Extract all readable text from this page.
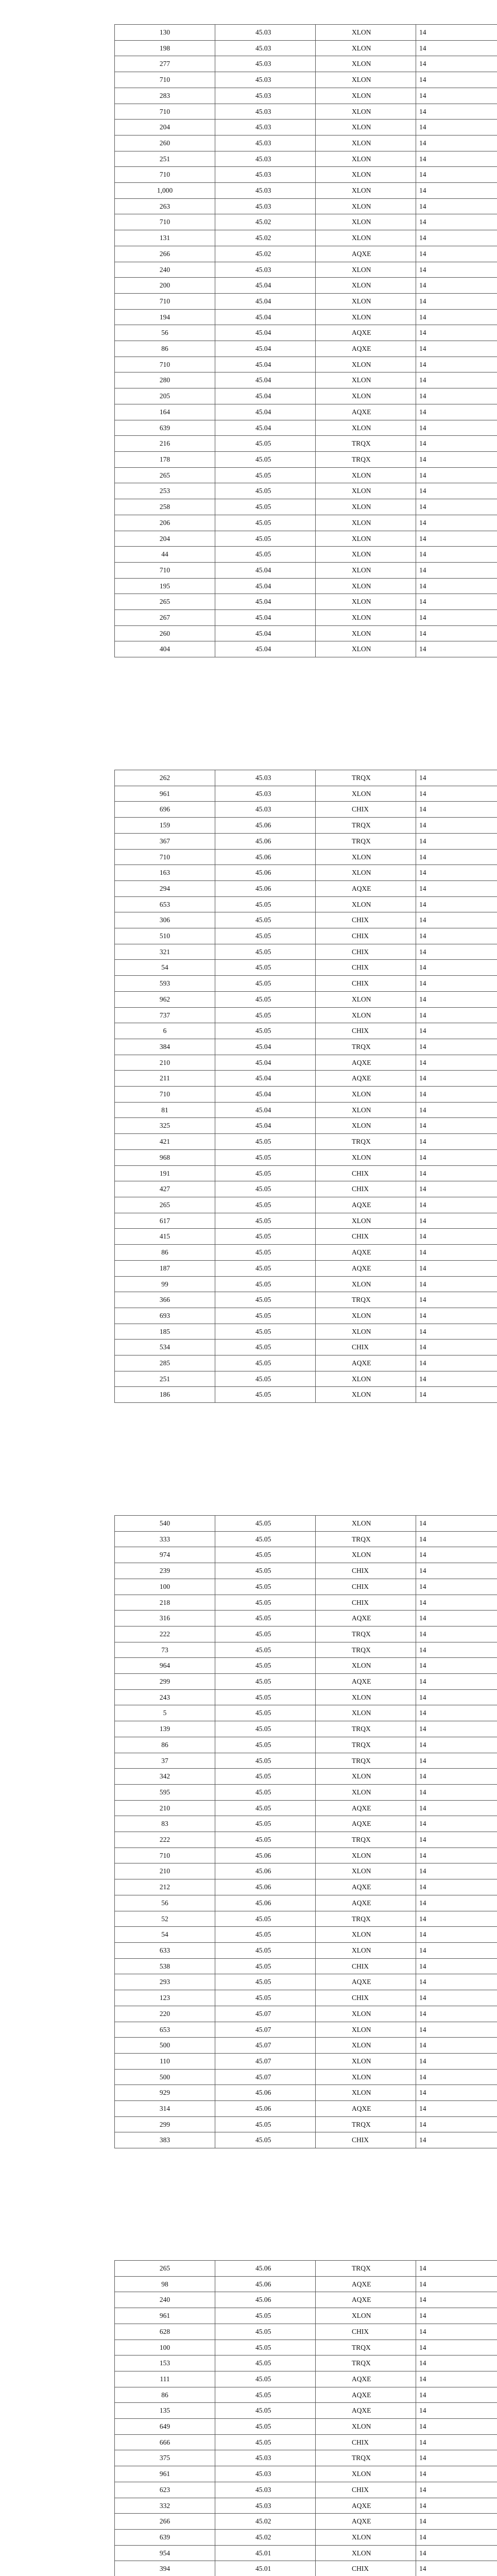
130	45.03	XLON	14
198	45.03	XLON	14
277	45.03	XLON	14
710	45.03	XLON	14
283	45.03	XLON	14
710	45.03	XLON	14
204	45.03	XLON	14
260	45.03	XLON	14
251	45.03	XLON	14
710	45.03	XLON	14
1,000	45.03	XLON	14
263	45.03	XLON	14
710	45.02	XLON	14
131	45.02	XLON	14
266	45.02	AQXE	14
240	45.03	XLON	14
200	45.04	XLON	14
710	45.04	XLON	14
194	45.04	XLON	14
56	45.04	AQXE	14
86	45.04	AQXE	14
710	45.04	XLON	14
280	45.04	XLON	14
205	45.04	XLON	14
164	45.04	AQXE	14
639	45.04	XLON	14
216	45.05	TRQX	14
178	45.05	TRQX	14
265	45.05	XLON	14
253	45.05	XLON	14
258	45.05	XLON	14
206	45.05	XLON	14
204	45.05	XLON	14
44	45.05	XLON	14
710	45.04	XLON	14
195	45.04	XLON	14
265	45.04	XLON	14
267	45.04	XLON	14
260	45.04	XLON	14
404	45.04	XLON	14
262	45.03	TRQX	14
961	45.03	XLON	14
696	45.03	CHIX	14
159	45.06	TRQX	14
367	45.06	TRQX	14
710	45.06	XLON	14
163	45.06	XLON	14
294	45.06	AQXE	14
653	45.05	XLON	14
306	45.05	CHIX	14
510	45.05	CHIX	14
321	45.05	CHIX	14
54	45.05	CHIX	14
593	45.05	CHIX	14
962	45.05	XLON	14
737	45.05	XLON	14
6	45.05	CHIX	14
384	45.04	TRQX	14
210	45.04	AQXE	14
211	45.04	AQXE	14
710	45.04	XLON	14
81	45.04	XLON	14
325	45.04	XLON	14
421	45.05	TRQX	14
968	45.05	XLON	14
191	45.05	CHIX	14
427	45.05	CHIX	14
265	45.05	AQXE	14
617	45.05	XLON	14
415	45.05	CHIX	14
86	45.05	AQXE	14
187	45.05	AQXE	14
99	45.05	XLON	14
366	45.05	TRQX	14
693	45.05	XLON	14
185	45.05	XLON	14
534	45.05	CHIX	14
285	45.05	AQXE	14
251	45.05	XLON	14
186	45.05	XLON	14
540	45.05	XLON	14
333	45.05	TRQX	14
974	45.05	XLON	14
239	45.05	CHIX	14
100	45.05	CHIX	14
218	45.05	CHIX	14
316	45.05	AQXE	14
222	45.05	TRQX	14
73	45.05	TRQX	14
964	45.05	XLON	14
299	45.05	AQXE	14
243	45.05	XLON	14
5	45.05	XLON	14
139	45.05	TRQX	14
86	45.05	TRQX	14
37	45.05	TRQX	14
342	45.05	XLON	14
595	45.05	XLON	14
210	45.05	AQXE	14
83	45.05	AQXE	14
222	45.05	TRQX	14
710	45.06	XLON	14
210	45.06	XLON	14
212	45.06	AQXE	14
56	45.06	AQXE	14
52	45.05	TRQX	14
54	45.05	XLON	14
633	45.05	XLON	14
538	45.05	CHIX	14
293	45.05	AQXE	14
123	45.05	CHIX	14
220	45.07	XLON	14
653	45.07	XLON	14
500	45.07	XLON	14
110	45.07	XLON	14
500	45.07	XLON	14
929	45.06	XLON	14
314	45.06	AQXE	14
299	45.05	TRQX	14
383	45.05	CHIX	14
265	45.06	TRQX	14
98	45.06	AQXE	14
240	45.06	AQXE	14
961	45.05	XLON	14
628	45.05	CHIX	14
100	45.05	TRQX	14
153	45.05	TRQX	14
111	45.05	AQXE	14
86	45.05	AQXE	14
135	45.05	AQXE	14
649	45.05	XLON	14
666	45.05	CHIX	14
375	45.03	TRQX	14
961	45.03	XLON	14
623	45.03	CHIX	14
332	45.03	AQXE	14
266	45.02	AQXE	14
639	45.02	XLON	14
954	45.01	XLON	14
394	45.01	CHIX	14
